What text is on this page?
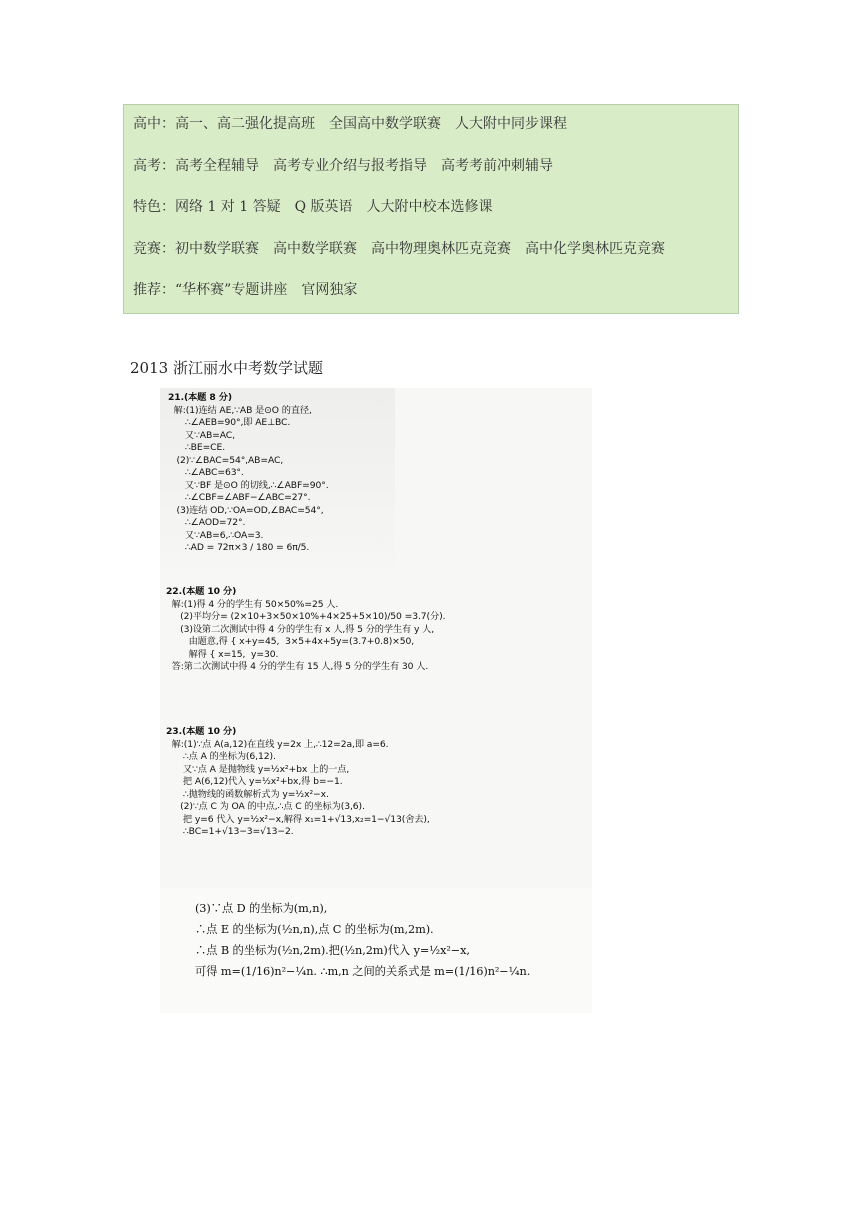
高中：高一、高二强化提高班 全国高中数学联赛 人大附中同步课程
高考：高考全程辅导 高考专业介绍与报考指导 高考考前冲刺辅导
特色：网络 1 对 1 答疑 Q 版英语 人大附中校本选修课
竞赛：初中数学联赛 高中数学联赛 高中物理奥林匹克竞赛 高中化学奥林匹克竞赛
推荐：“华杯赛”专题讲座 官网独家
2013 浙江丽水中考数学试题
21.(本题 8 分)
解:(1)连结 AE,∵AB 是⊙O 的直径,
∴∠AEB=90°,即 AE⊥BC.
又∵AB=AC,
∴BE=CE.
(2)∵∠BAC=54°,AB=AC,
∴∠ABC=63°.
又∵BF 是⊙O 的切线,∴∠ABF=90°.
∴∠CBF=∠ABF−∠ABC=27°.
(3)连结 OD,∵OA=OD,∠BAC=54°,
∴∠AOD=72°.
又∵AB=6,∴OA=3.
∴AD = 72π×3 / 180 = 6π/5.
22.(本题 10 分)
解:(1)得 4 分的学生有 50×50%=25 人.
(2)平均分= (2×10+3×50×10%+4×25+5×10)/50 =3.7(分).
(3)设第二次测试中得 4 分的学生有 x 人,得 5 分的学生有 y 人,
由题意,得 { x+y=45,  3×5+4x+5y=(3.7+0.8)×50,
解得 { x=15,  y=30.
答:第二次测试中得 4 分的学生有 15 人,得 5 分的学生有 30 人.
23.(本题 10 分)
解:(1)∵点 A(a,12)在直线 y=2x 上,∴12=2a,即 a=6.
∴点 A 的坐标为(6,12).
又∵点 A 是抛物线 y=½x²+bx 上的一点,
把 A(6,12)代入 y=½x²+bx,得 b=−1.
∴抛物线的函数解析式为 y=½x²−x.
(2)∵点 C 为 OA 的中点,∴点 C 的坐标为(3,6).
把 y=6 代入 y=½x²−x,解得 x₁=1+√13,x₂=1−√13(舍去),
∴BC=1+√13−3=√13−2.
(3)∵点 D 的坐标为(m,n),
∴点 E 的坐标为(½n,n),点 C 的坐标为(m,2m).
∴点 B 的坐标为(½n,2m).把(½n,2m)代入 y=½x²−x,
可得 m=(1/16)n²−¼n. ∴m,n 之间的关系式是 m=(1/16)n²−¼n.
